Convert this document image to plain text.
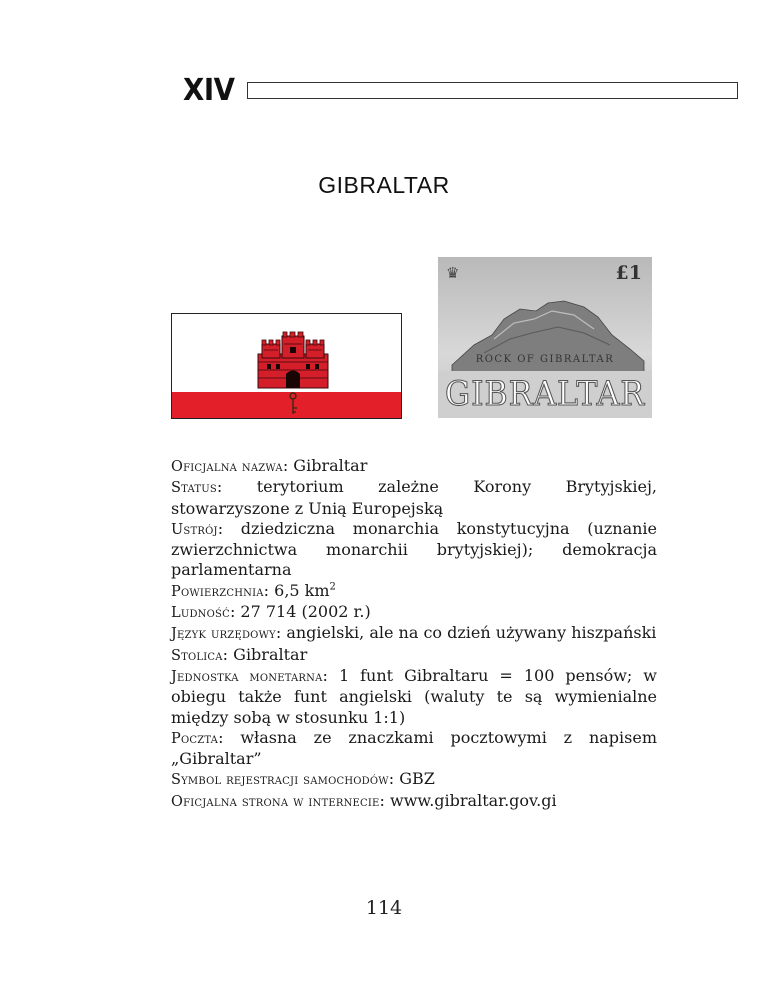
XIV
GIBRALTAR
♛	£1
ROCK OF GIBRALTAR
GIBRALTAR

Oficjalna nazwa: Gibraltar

Status: terytorium zależne Korony Brytyjskiej, stowarzyszone z Unią Europejską

Ustrój: dziedziczna monarchia konstytucyjna (uznanie zwierzchnictwa monarchii brytyjskiej); demokracja parlamentarna

Powierzchnia: 6,5 $km^2$

Ludność: 27 714 (2002 r.)

Język urzędowy: angielski, ale na co dzień używany hiszpański

Stolica: Gibraltar

Jednostka monetarna: 1 funt Gibraltaru = 100 pensów; w obiegu także funt angielski (waluty te są wymienialne między sobą w stosunku 1:1)

Poczta: własna ze znaczkami pocztowymi z napisem „Gibraltar”

Symbol rejestracji samochodów: GBZ

Oficjalna strona w internecie: www.gibraltar.gov.gi

114
